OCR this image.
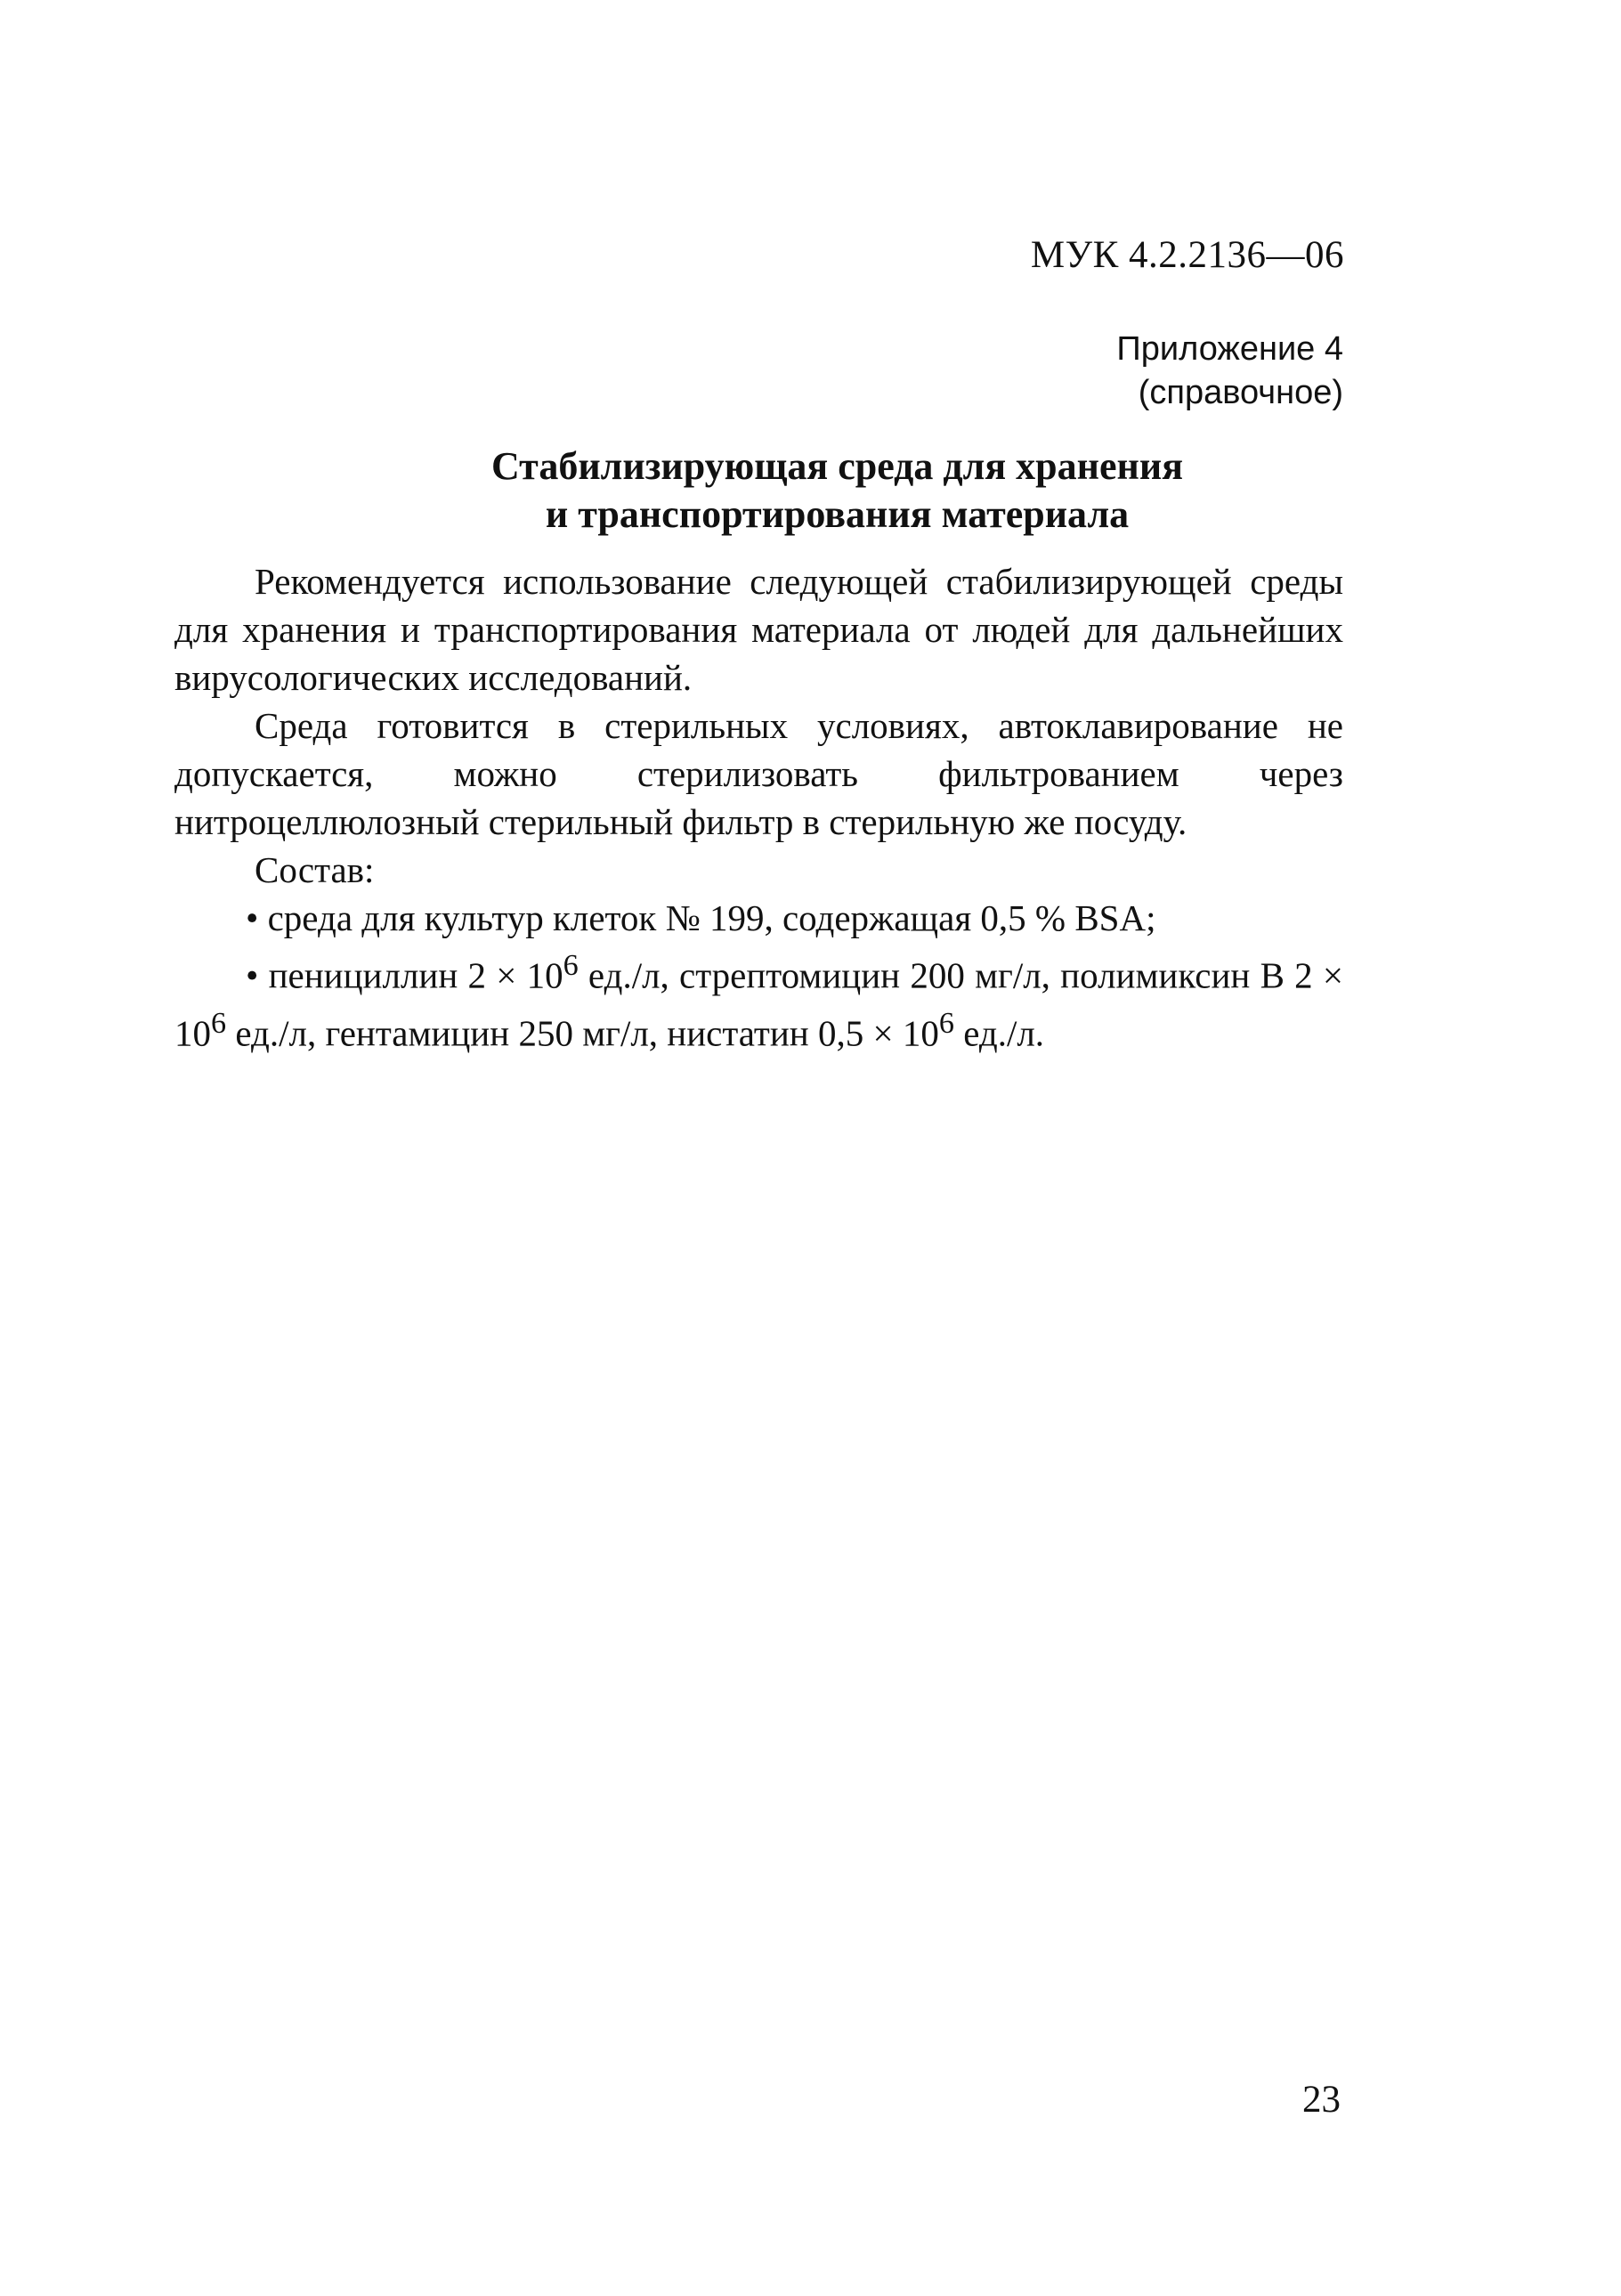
МУК 4.2.2136—06
Приложение 4
(справочное)
Стабилизирующая среда для хранения
и транспортирования материала

Рекомендуется использование следующей стабилизирующей среды для хранения и транспортирования материала от людей для дальнейших вирусологических исследований.

Среда готовится в стерильных условиях, автоклавирование не допускается, можно стерилизовать фильтрованием через нитроцеллюлозный стерильный фильтр в стерильную же посуду.

Состав:

• среда для культур клеток № 199, содержащая 0,5 % BSA;

• пенициллин $2 \times 10^6$ ед./л, стрептомицин 200 мг/л, полимиксин В $2 \times 10^6$ ед./л, гентамицин 250 мг/л, нистатин $0,5 \times 10^6$ ед./л.

23
